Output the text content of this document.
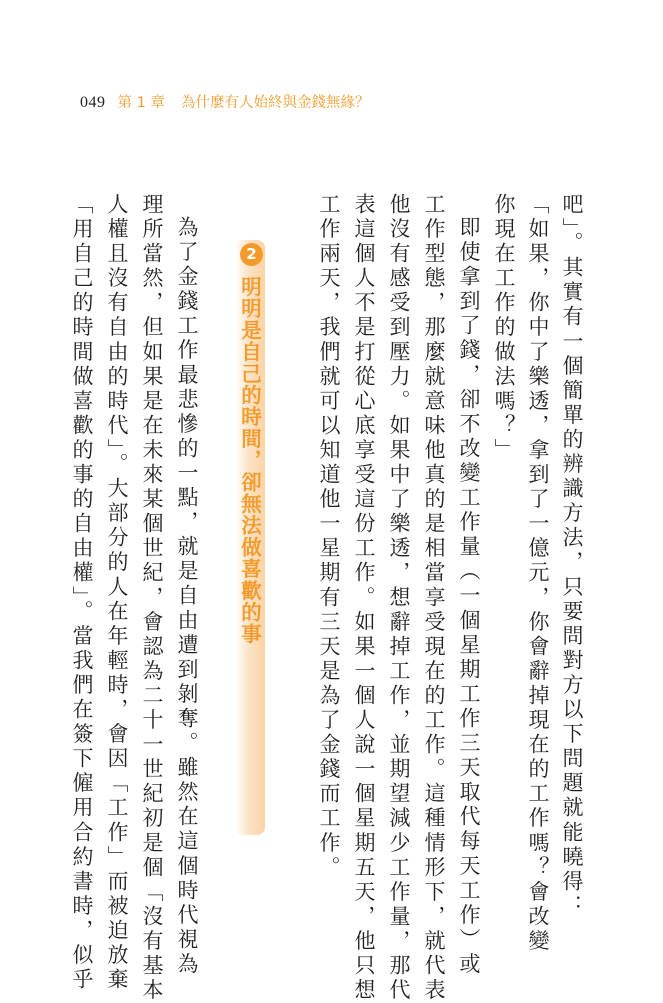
049 第 1 章 為什麼有人始終與金錢無緣？
吧」。其實有一個簡單的辨識方法，只要問對方以下問題就能曉得：
「如果，你中了樂透，拿到了一億元，你會辭掉現在的工作嗎？會改變
你現在工作的做法嗎？」
即使拿到了錢，卻不改變工作量（一個星期工作三天取代每天工作）或
工作型態，那麼就意味他真的是相當享受現在的工作。這種情形下，就代表
他沒有感受到壓力。如果中了樂透，想辭掉工作，並期望減少工作量，那代
表這個人不是打從心底享受這份工作。如果一個人說一個星期五天，他只想
工作兩天，我們就可以知道他一星期有三天是為了金錢而工作。
2
明明是自己的時間，卻無法做喜歡的事
為了金錢工作最悲慘的一點，就是自由遭到剝奪。雖然在這個時代視為
理所當然，但如果是在未來某個世紀，會認為二十一世紀初是個「沒有基本
人權且沒有自由的時代」。大部分的人在年輕時，會因「工作」而被迫放棄
「用自己的時間做喜歡的事的自由權」。當我們在簽下僱用合約書時，似乎
